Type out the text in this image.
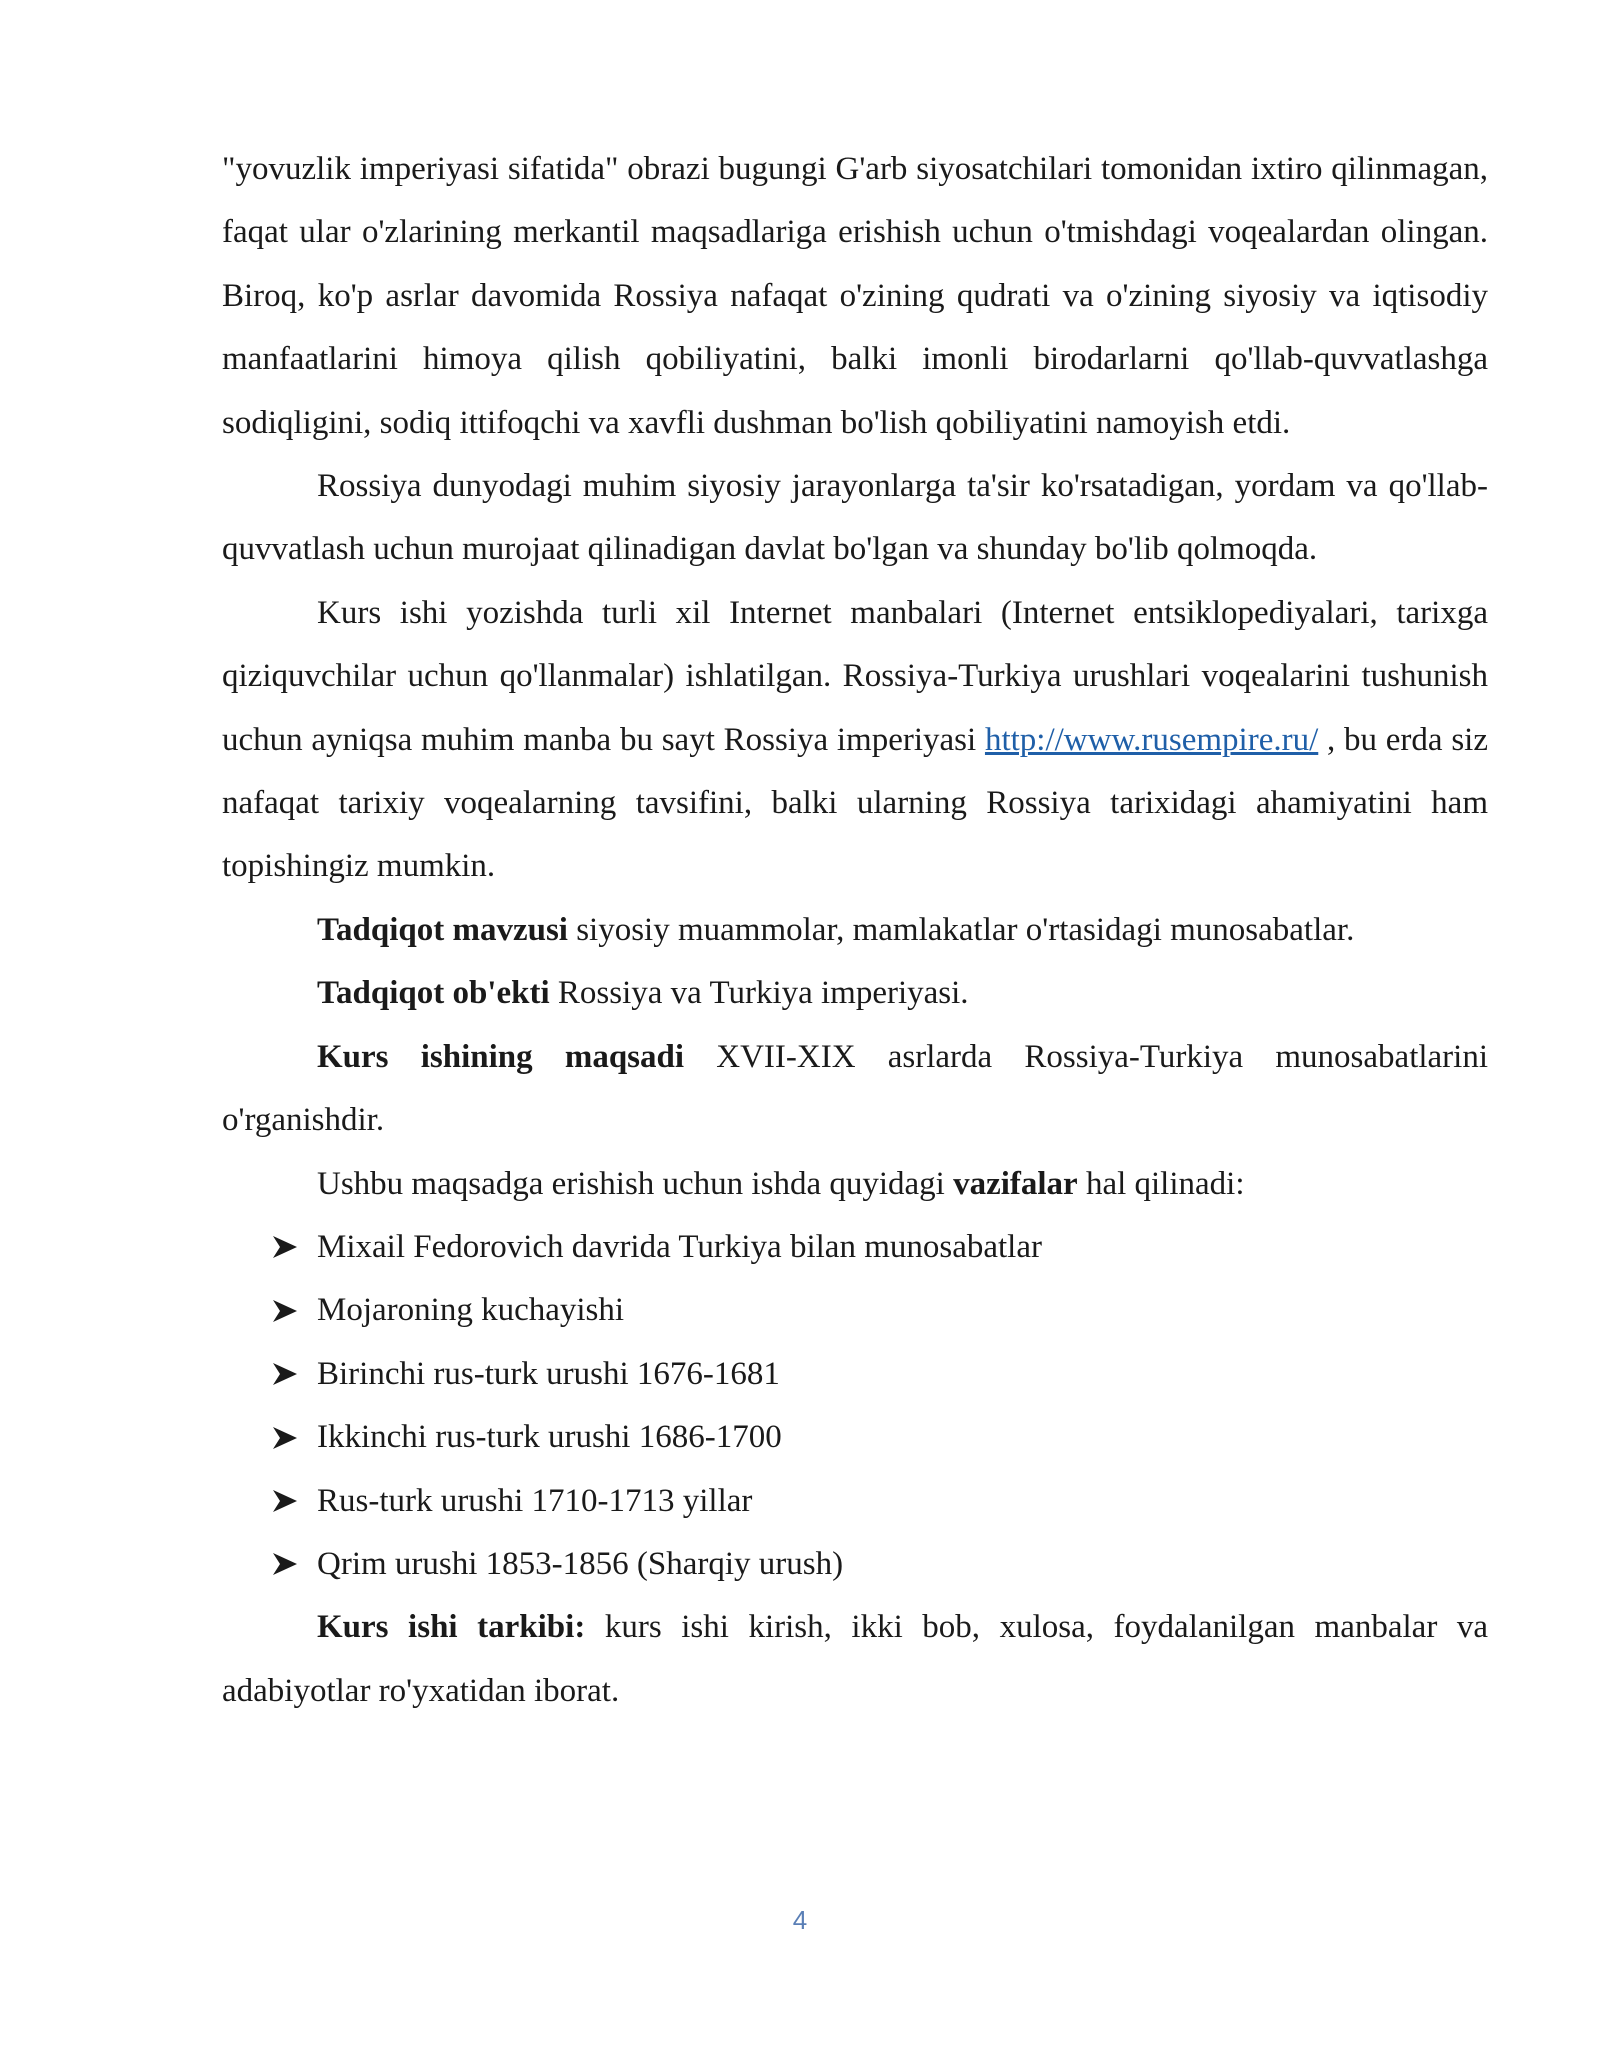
"yovuzlik imperiyasi sifatida" obrazi bugungi G'arb siyosatchilari tomonidan ixtiro qilinmagan, faqat ular o'zlarining merkantil maqsadlariga erishish uchun o'tmishdagi voqealardan olingan. Biroq, ko'p asrlar davomida Rossiya nafaqat o'zining qudrati va o'zining siyosiy va iqtisodiy manfaatlarini himoya qilish qobiliyatini, balki imonli birodarlarni qo'llab-quvvatlashga sodiqligini, sodiq ittifoqchi va xavfli dushman bo'lish qobiliyatini namoyish etdi.

Rossiya dunyodagi muhim siyosiy jarayonlarga ta'sir ko'rsatadigan, yordam va qo'llab-quvvatlash uchun murojaat qilinadigan davlat bo'lgan va shunday bo'lib qolmoqda.

Kurs ishi yozishda turli xil Internet manbalari (Internet entsiklopediyalari, tarixga qiziquvchilar uchun qo'llanmalar) ishlatilgan. Rossiya-Turkiya urushlari voqealarini tushunish uchun ayniqsa muhim manba bu sayt Rossiya imperiyasi http://www.rusempire.ru/ , bu erda siz nafaqat tarixiy voqealarning tavsifini, balki ularning Rossiya tarixidagi ahamiyatini ham topishingiz mumkin.

Tadqiqot mavzusi siyosiy muammolar, mamlakatlar o'rtasidagi munosabatlar.

Tadqiqot ob'ekti Rossiya va Turkiya imperiyasi.

Kurs ishining maqsadi XVII-XIX asrlarda Rossiya-Turkiya munosabatlarini o'rganishdir.

Ushbu maqsadga erishish uchun ishda quyidagi vazifalar hal qilinadi:

Mixail Fedorovich davrida Turkiya bilan munosabatlar
Mojaroning kuchayishi
Birinchi rus-turk urushi 1676-1681
Ikkinchi rus-turk urushi 1686-1700
Rus-turk urushi 1710-1713 yillar
Qrim urushi 1853-1856 (Sharqiy urush)

Kurs ishi tarkibi: kurs ishi kirish, ikki bob, xulosa, foydalanilgan manbalar va adabiyotlar ro'yxatidan iborat.

4
